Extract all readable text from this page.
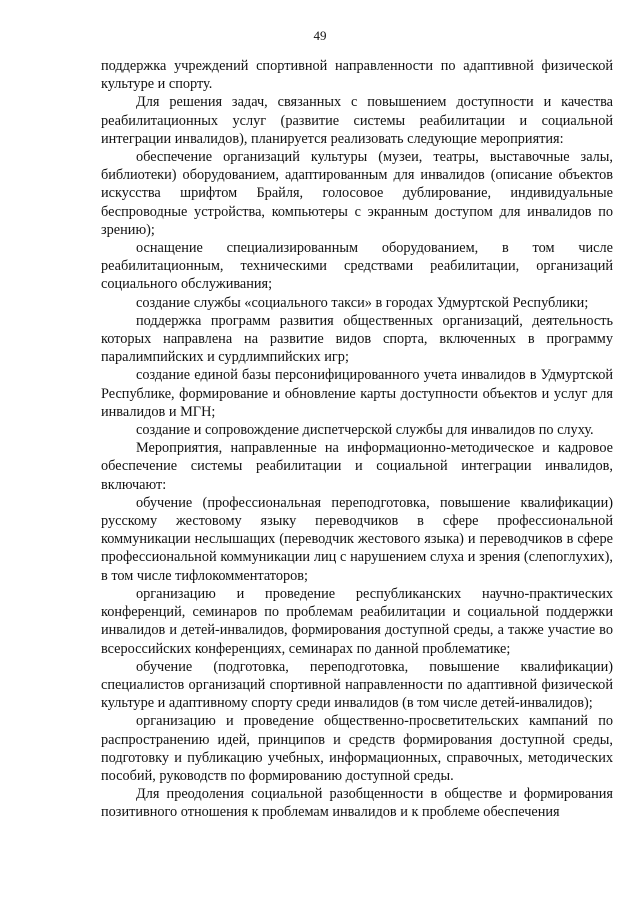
49

поддержка учреждений спортивной направленности по адаптивной физической культуре и спорту.

Для решения задач, связанных с повышением доступности и качества реабилитационных услуг (развитие системы реабилитации и социальной интеграции инвалидов), планируется реализовать следующие мероприятия:

обеспечение организаций культуры (музеи, театры, выставочные залы, библиотеки) оборудованием, адаптированным для инвалидов (описание объектов искусства шрифтом Брайля, голосовое дублирование, индивидуальные беспроводные устройства, компьютеры с экранным доступом для инвалидов по зрению);

оснащение специализированным оборудованием, в том числе реабилитационным, техническими средствами реабилитации, организаций социального обслуживания;

создание службы «социального такси» в городах Удмуртской Республики;

поддержка программ развития общественных организаций, деятельность которых направлена на развитие видов спорта, включенных в программу паралимпийских и сурдлимпийских игр;

создание единой базы персонифицированного учета инвалидов в Удмуртской Республике, формирование и обновление карты доступности объектов и услуг для инвалидов и МГН;

создание и сопровождение диспетчерской службы для инвалидов по слуху.

Мероприятия, направленные на информационно-методическое и кадровое обеспечение системы реабилитации и социальной интеграции инвалидов, включают:

обучение (профессиональная переподготовка, повышение квалификации) русскому жестовому языку переводчиков в сфере профессиональной коммуникации неслышащих (переводчик жестового языка) и переводчиков в сфере профессиональной коммуникации лиц с нарушением слуха и зрения (слепоглухих), в том числе тифлокомментаторов;

организацию и проведение республиканских научно-практических конференций, семинаров по проблемам реабилитации и социальной поддержки инвалидов и детей-инвалидов, формирования доступной среды, а также участие во всероссийских конференциях, семинарах по данной проблематике;

обучение (подготовка, переподготовка, повышение квалификации) специалистов организаций спортивной направленности по адаптивной физической культуре и адаптивному спорту среди инвалидов (в том числе детей-инвалидов);

организацию и проведение общественно-просветительских кампаний по распространению идей, принципов и средств формирования доступной среды, подготовку и публикацию учебных, информационных, справочных, методических пособий, руководств по формированию доступной среды.

Для преодоления социальной разобщенности в обществе и формирования позитивного отношения к проблемам инвалидов и к проблеме обеспечения
